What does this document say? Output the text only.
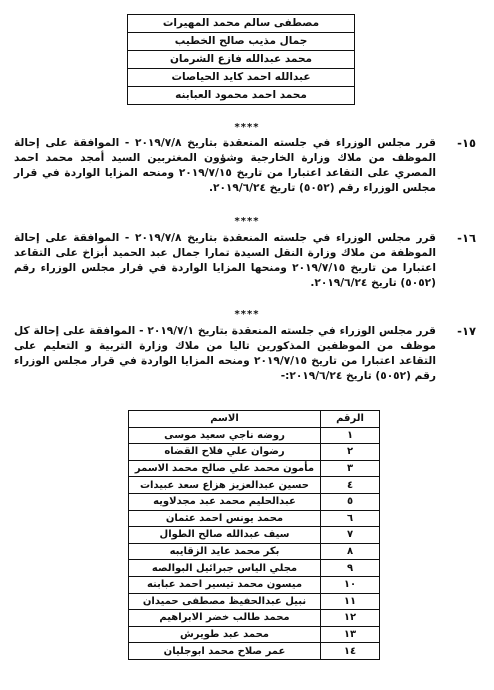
مصطفى سالم محمد المهيرات
جمال مذيب صالح الخطيب
محمد عبدالله فازع الشرمان
عبدالله احمد كايد الحياصات
محمد احمد محمود العبابنه
****
١٥-
قرر مجلس الوزراء في جلسته المنعقدة بتاريخ ٢٠١٩/٧/٨ - الموافقة على إحالة الموظف من ملاك وزارة الخارجية وشؤون المغتربين السيد أمجد محمد احمد المصري على التقاعد اعتبارا من تاريخ ٢٠١٩/٧/١٥ ومنحه المزايا الواردة في قرار مجلس الوزراء رقم (٥٠٥٢) تاريخ ٢٠١٩/٦/٢٤.
****
١٦-
قرر مجلس الوزراء في جلسته المنعقدة بتاريخ ٢٠١٩/٧/٨ - الموافقة على إحالة الموظفة من ملاك وزارة النقل السيدة تمارا جمال عبد الحميد أبزاخ على التقاعد اعتبارا من تاريخ ٢٠١٩/٧/١٥ ومنحها المزايا الواردة في قرار مجلس الوزراء رقم (٥٠٥٢) تاريخ ٢٠١٩/٦/٢٤.
****
١٧-
قرر مجلس الوزراء في جلسته المنعقدة بتاريخ ٢٠١٩/٧/١ - الموافقة على إحالة كل موظف من الموظفين المذكورين تاليا من ملاك وزارة التربية و التعليم على التقاعد اعتبارا من تاريخ ٢٠١٩/٧/١٥ ومنحه المزايا الواردة في قرار مجلس الوزراء رقم (٥٠٥٢) تاريخ ٢٠١٩/٦/٢٤:-
الرقم	الاسم
١	روضه ناجي سعيد موسى
٢	رضوان علي فلاح القضاه
٣	مأمون محمد علي صالح محمد الاسمر
٤	حسين عبدالعزيز هزاع سعد عبيدات
٥	عبدالحليم محمد عبد مجدلاويه
٦	محمد يونس احمد عثمان
٧	سيف عبدالله صالح الطوال
٨	بكر محمد عايد الزقايبه
٩	مجلي الياس جبرائيل البوالصه
١٠	ميسون محمد تيسير احمد عبابنه
١١	نبيل عبدالحفيظ مصطفى حميدان
١٢	محمد طالب خضر الابراهيم
١٣	محمد عبد طويرش
١٤	عمر صلاح محمد ابوجليان
